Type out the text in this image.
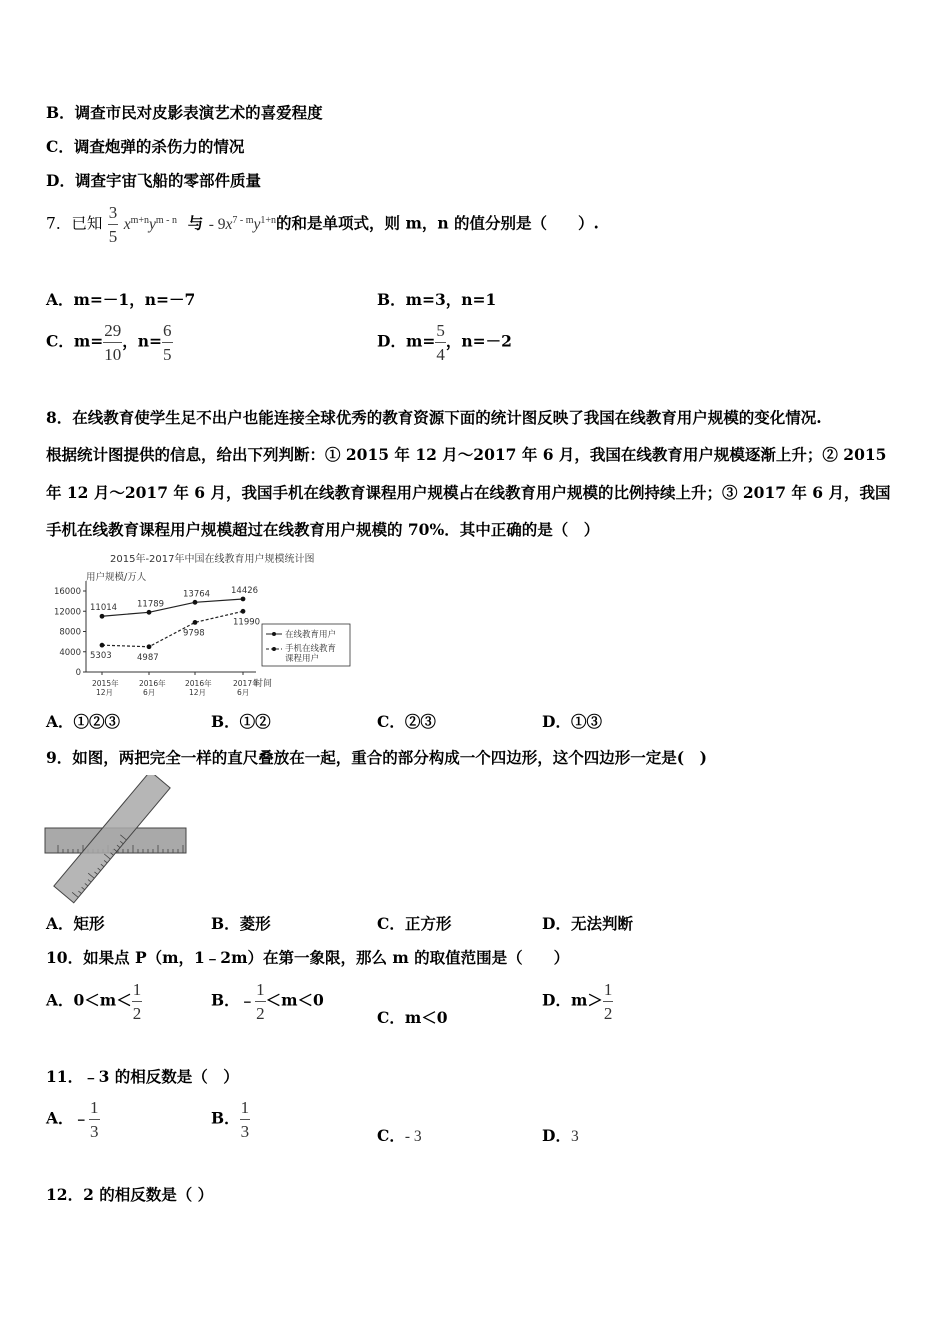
B．调查市民对皮影表演艺术的喜爱程度
C．调查炮弹的杀伤力的情况
D．调查宇宙飞船的零部件质量
7．已知 $\frac{3}{5} x^{m+n}y^{m - n}$ 与 - $9x^{7 - m}y^{1+n}$的和是单项式，则 m，n 的值分别是（　　）.
A．m=－1，n=－7	B．m=3，n=1
C．$m= \frac{29}{10}$ ，$n= \frac{6}{5}$	D．$m= \frac{5}{4}$ ，n=－2
8．在线教育使学生足不出户也能连接全球优秀的教育资源下面的统计图反映了我国在线教育用户规模的变化情况.
根据统计图提供的信息，给出下列判断：① 2015 年 12 月～2017 年 6 月，我国在线教育用户规模逐渐上升；② 2015
年 12 月～2017 年 6 月，我国手机在线教育课程用户规模占在线教育用户规模的比例持续上升；③ 2017 年 6 月，我国
手机在线教育课程用户规模超过在线教育用户规模的 70%．其中正确的是（　）
2015年-2017年中国在线教育用户规模统计图
用户规模/万人
时间
16000
12000
8000
4000
0
2015年
12月
2016年
6月
2016年
12月
2017年
6月
11014 11789
13764 14426
5303	4987
9798
11990
在线教育用户
手机在线教育
课程用户
A．①②③	B．①②	C．②③	D．①③
9．如图，两把完全一样的直尺叠放在一起，重合的部分构成一个四边形，这个四边形一定是(　)
A．矩形	B．菱形	C．正方形	D．无法判断
10．如果点 P（m，1﹣2m）在第一象限，那么 m 的取值范围是（　　）
A．$0<m< \frac{1}{2}$	B．﹣ $\frac{1}{2} <m<0$
C．m＜0
D．$m> \frac{1}{2}$
11．﹣3 的相反数是（　）
A．﹣ $\frac{1}{3}$	B． $\frac{1}{3}$	C．- 3	D．3
12．2 的相反数是（ ）
